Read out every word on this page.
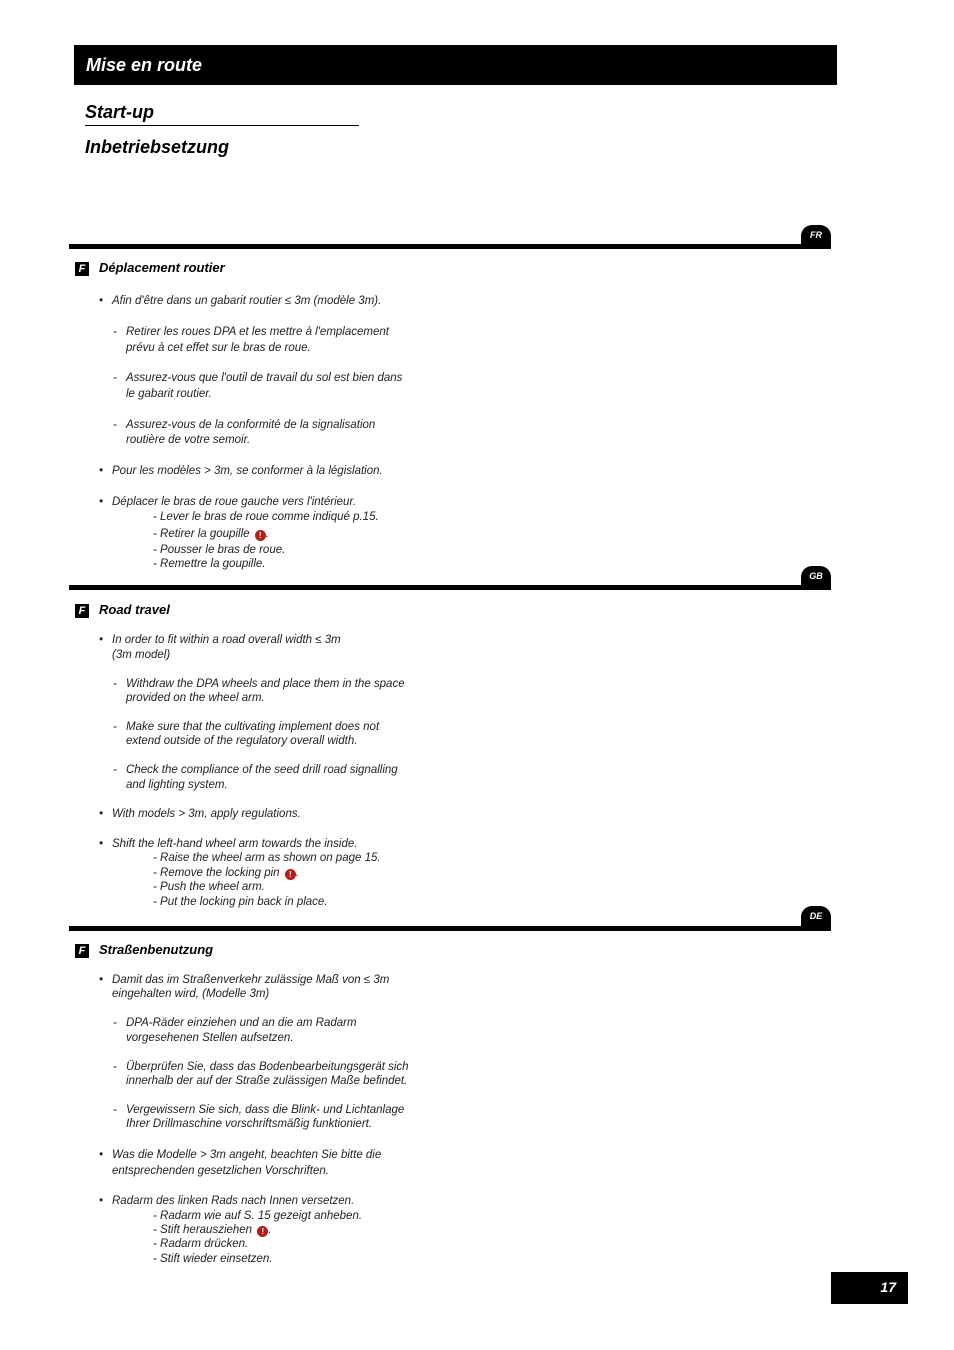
Mise en route
Start-up
Inbetriebsetzung
FR
F Déplacement routier
• Afin d'être dans un gabarit routier ≤ 3m (modèle 3m).
- Retirer les roues DPA et les mettre à l'emplacement
prévu à cet effet sur le bras de roue.
- Assurez-vous que l'outil de travail du sol est bien dans
le gabarit routier.
- Assurez-vous de la conformité de la signalisation
routière de votre semoir.
• Pour les modèles > 3m, se conformer à la législation.
• Déplacer le bras de roue gauche vers l'intérieur.
- Lever le bras de roue comme indiqué p.15.
- Retirer la goupille ! .
- Pousser le bras de roue.
- Remettre la goupille.
GB
F Road travel
• In order to fit within a road overall width ≤ 3m
(3m model)
- Withdraw the DPA wheels and place them in the space
provided on the wheel arm.
- Make sure that the cultivating implement does not
extend outside of the regulatory overall width.
- Check the compliance of the seed drill road signalling
and lighting system.
• With models > 3m, apply regulations.
• Shift the left-hand wheel arm towards the inside.
- Raise the wheel arm as shown on page 15.
- Remove the locking pin ! .
- Push the wheel arm.
- Put the locking pin back in place.
DE
F Straßenbenutzung
• Damit das im Straßenverkehr zulässige Maß von ≤ 3m
eingehalten wird, (Modelle 3m)
- DPA-Räder einziehen und an die am Radarm
vorgesehenen Stellen aufsetzen.
- Überprüfen Sie, dass das Bodenbearbeitungsgerät sich
innerhalb der auf der Straße zulässigen Maße befindet.
- Vergewissern Sie sich, dass die Blink- und Lichtanlage
Ihrer Drillmaschine vorschriftsmäßig funktioniert.
• Was die Modelle > 3m angeht, beachten Sie bitte die
entsprechenden gesetzlichen Vorschriften.
• Radarm des linken Rads nach Innen versetzen.
- Radarm wie auf S. 15 gezeigt anheben.
- Stift herausziehen ! .
- Radarm drücken.
- Stift wieder einsetzen.
17
